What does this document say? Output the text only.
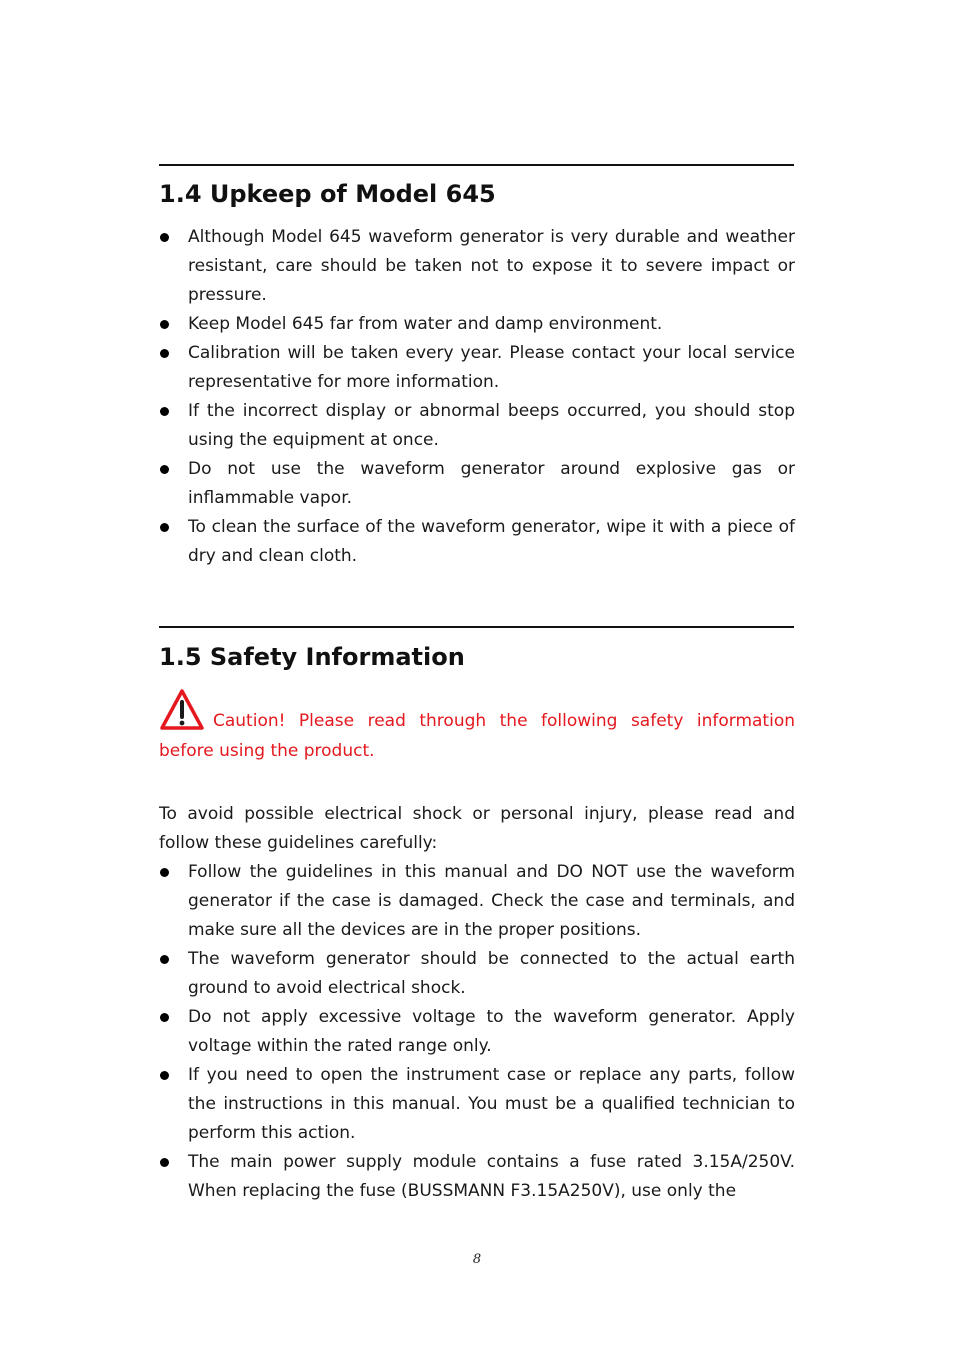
1.4 Upkeep of Model 645
Although Model 645 waveform generator is very durable and weather resistant, care should be taken not to expose it to severe impact or pressure.
Keep Model 645 far from water and damp environment.
Calibration will be taken every year. Please contact your local service representative for more information.
If the incorrect display or abnormal beeps occurred, you should stop using the equipment at once.
Do not use the waveform generator around explosive gas or inflammable vapor.
To clean the surface of the waveform generator, wipe it with a piece of dry and clean cloth.
1.5 Safety Information
Caution! Please read through the following safety information before using the product.

To avoid possible electrical shock or personal injury, please read and follow these guidelines carefully:

Follow the guidelines in this manual and DO NOT use the waveform generator if the case is damaged. Check the case and terminals, and make sure all the devices are in the proper positions.
The waveform generator should be connected to the actual earth ground to avoid electrical shock.
Do not apply excessive voltage to the waveform generator. Apply voltage within the rated range only.
If you need to open the instrument case or replace any parts, follow the instructions in this manual. You must be a qualified technician to perform this action.
The main power supply module contains a fuse rated 3.15A/250V. When replacing the fuse (BUSSMANN F3.15A250V), use only the
8
